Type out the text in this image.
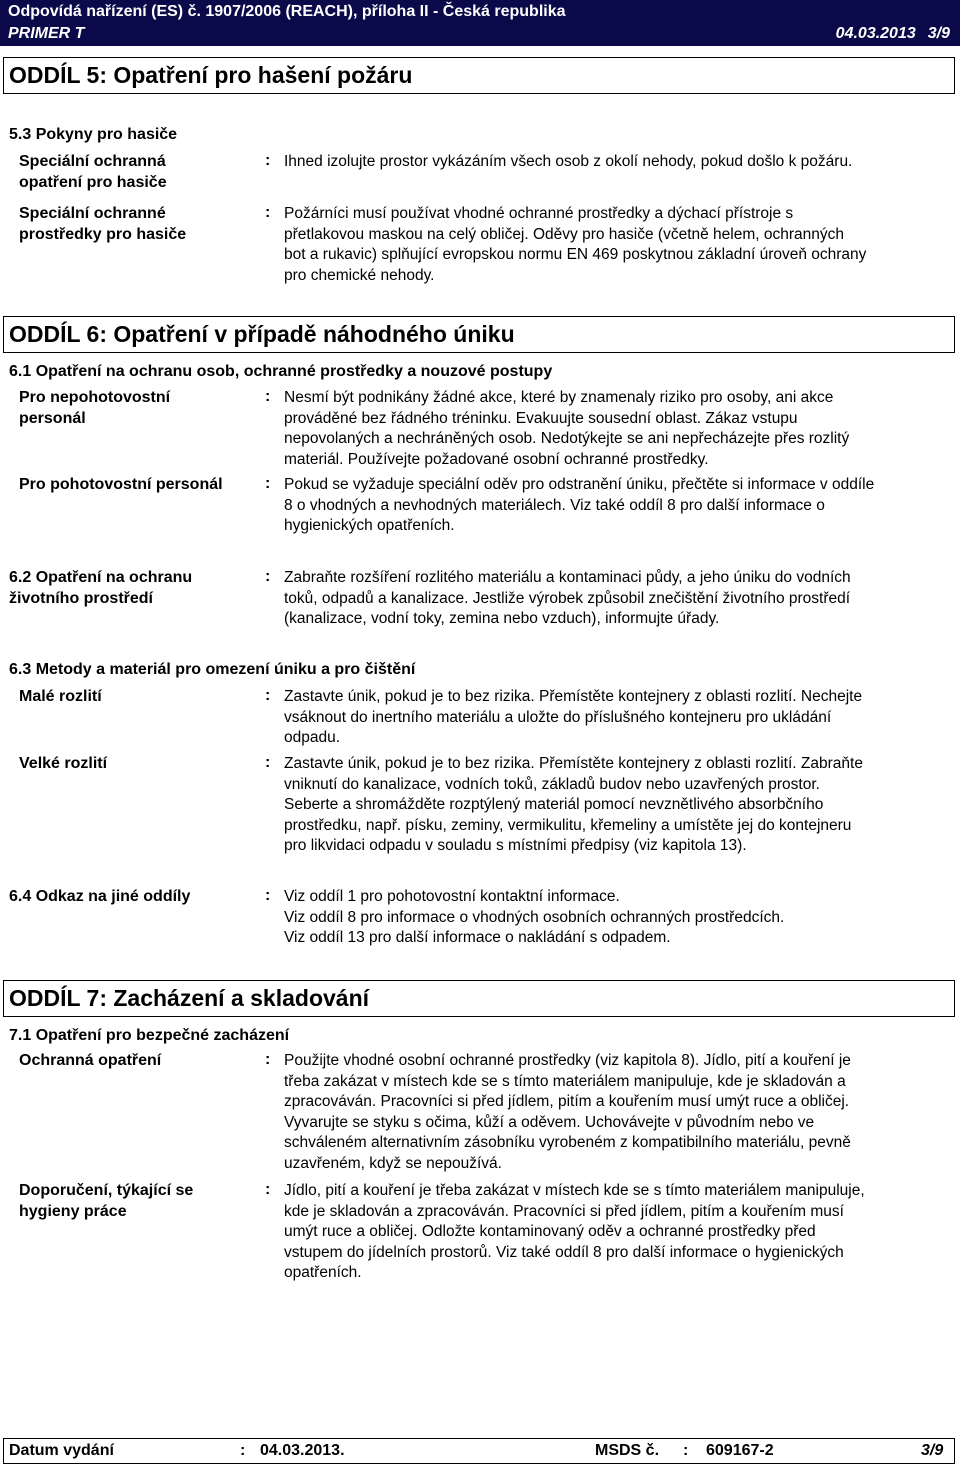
Odpovídá nařízení (ES) č. 1907/2006 (REACH), příloha II - Česká republika
PRIMER T	04.03.2013 3/9
ODDÍL 5: Opatření pro hašení požáru
5.3 Pokyny pro hasiče
Speciální ochranná
opatření pro hasiče
: Ihned izolujte prostor vykázáním všech osob z okolí nehody, pokud došlo k požáru.
Speciální ochranné
prostředky pro hasiče
: Požárníci musí používat vhodné ochranné prostředky a dýchací přístroje s
přetlakovou maskou na celý obličej. Oděvy pro hasiče (včetně helem, ochranných
bot a rukavic) splňující evropskou normu EN 469 poskytnou základní úroveň ochrany
pro chemické nehody.
ODDÍL 6: Opatření v případě náhodného úniku
6.1 Opatření na ochranu osob, ochranné prostředky a nouzové postupy
Pro nepohotovostní
personál
: Nesmí být podnikány žádné akce, které by znamenaly riziko pro osoby, ani akce
prováděné bez řádného tréninku. Evakuujte sousední oblast. Zákaz vstupu
nepovolaných a nechráněných osob. Nedotýkejte se ani nepřecházejte přes rozlitý
materiál. Používejte požadované osobní ochranné prostředky.
Pro pohotovostní personál	: Pokud se vyžaduje speciální oděv pro odstranění úniku, přečtěte si informace v oddíle
8 o vhodných a nevhodných materiálech. Viz také oddíl 8 pro další informace o
hygienických opatřeních.
6.2 Opatření na ochranu
životního prostředí
: Zabraňte rozšíření rozlitého materiálu a kontaminaci půdy, a jeho úniku do vodních
toků, odpadů a kanalizace. Jestliže výrobek způsobil znečištění životního prostředí
(kanalizace, vodní toky, zemina nebo vzduch), informujte úřady.
6.3 Metody a materiál pro omezení úniku a pro čištění
Malé rozlití	: Zastavte únik, pokud je to bez rizika. Přemístěte kontejnery z oblasti rozlití. Nechejte
vsáknout do inertního materiálu a uložte do příslušného kontejneru pro ukládání
odpadu.
Velké rozlití	: Zastavte únik, pokud je to bez rizika. Přemístěte kontejnery z oblasti rozlití. Zabraňte
vniknutí do kanalizace, vodních toků, základů budov nebo uzavřených prostor.
Seberte a shromážděte rozptýlený materiál pomocí nevznětlivého absorbčního
prostředku, např. písku, zeminy, vermikulitu, křemeliny a umístěte jej do kontejneru
pro likvidaci odpadu v souladu s místními předpisy (viz kapitola 13).
6.4 Odkaz na jiné oddíly	: Viz oddíl 1 pro pohotovostní kontaktní informace.
Viz oddíl 8 pro informace o vhodných osobních ochranných prostředcích.
Viz oddíl 13 pro další informace o nakládání s odpadem.
ODDÍL 7: Zacházení a skladování
7.1 Opatření pro bezpečné zacházení
Ochranná opatření	: Použijte vhodné osobní ochranné prostředky (viz kapitola 8). Jídlo, pití a kouření je
třeba zakázat v místech kde se s tímto materiálem manipuluje, kde je skladován a
zpracováván. Pracovníci si před jídlem, pitím a kouřením musí umýt ruce a obličej.
Vyvarujte se styku s očima, kůží a oděvem. Uchovávejte v původním nebo ve
schváleném alternativním zásobníku vyrobeném z kompatibilního materiálu, pevně
uzavřeném, když se nepoužívá.
Doporučení, týkající se
hygieny práce
: Jídlo, pití a kouření je třeba zakázat v místech kde se s tímto materiálem manipuluje,
kde je skladován a zpracováván. Pracovníci si před jídlem, pitím a kouřením musí
umýt ruce a obličej. Odložte kontaminovaný oděv a ochranné prostředky před
vstupem do jídelních prostorů. Viz také oddíl 8 pro další informace o hygienických
opatřeních.
Datum vydání	: 04.03.2013.	MSDS č. : 609167-2	3/9
